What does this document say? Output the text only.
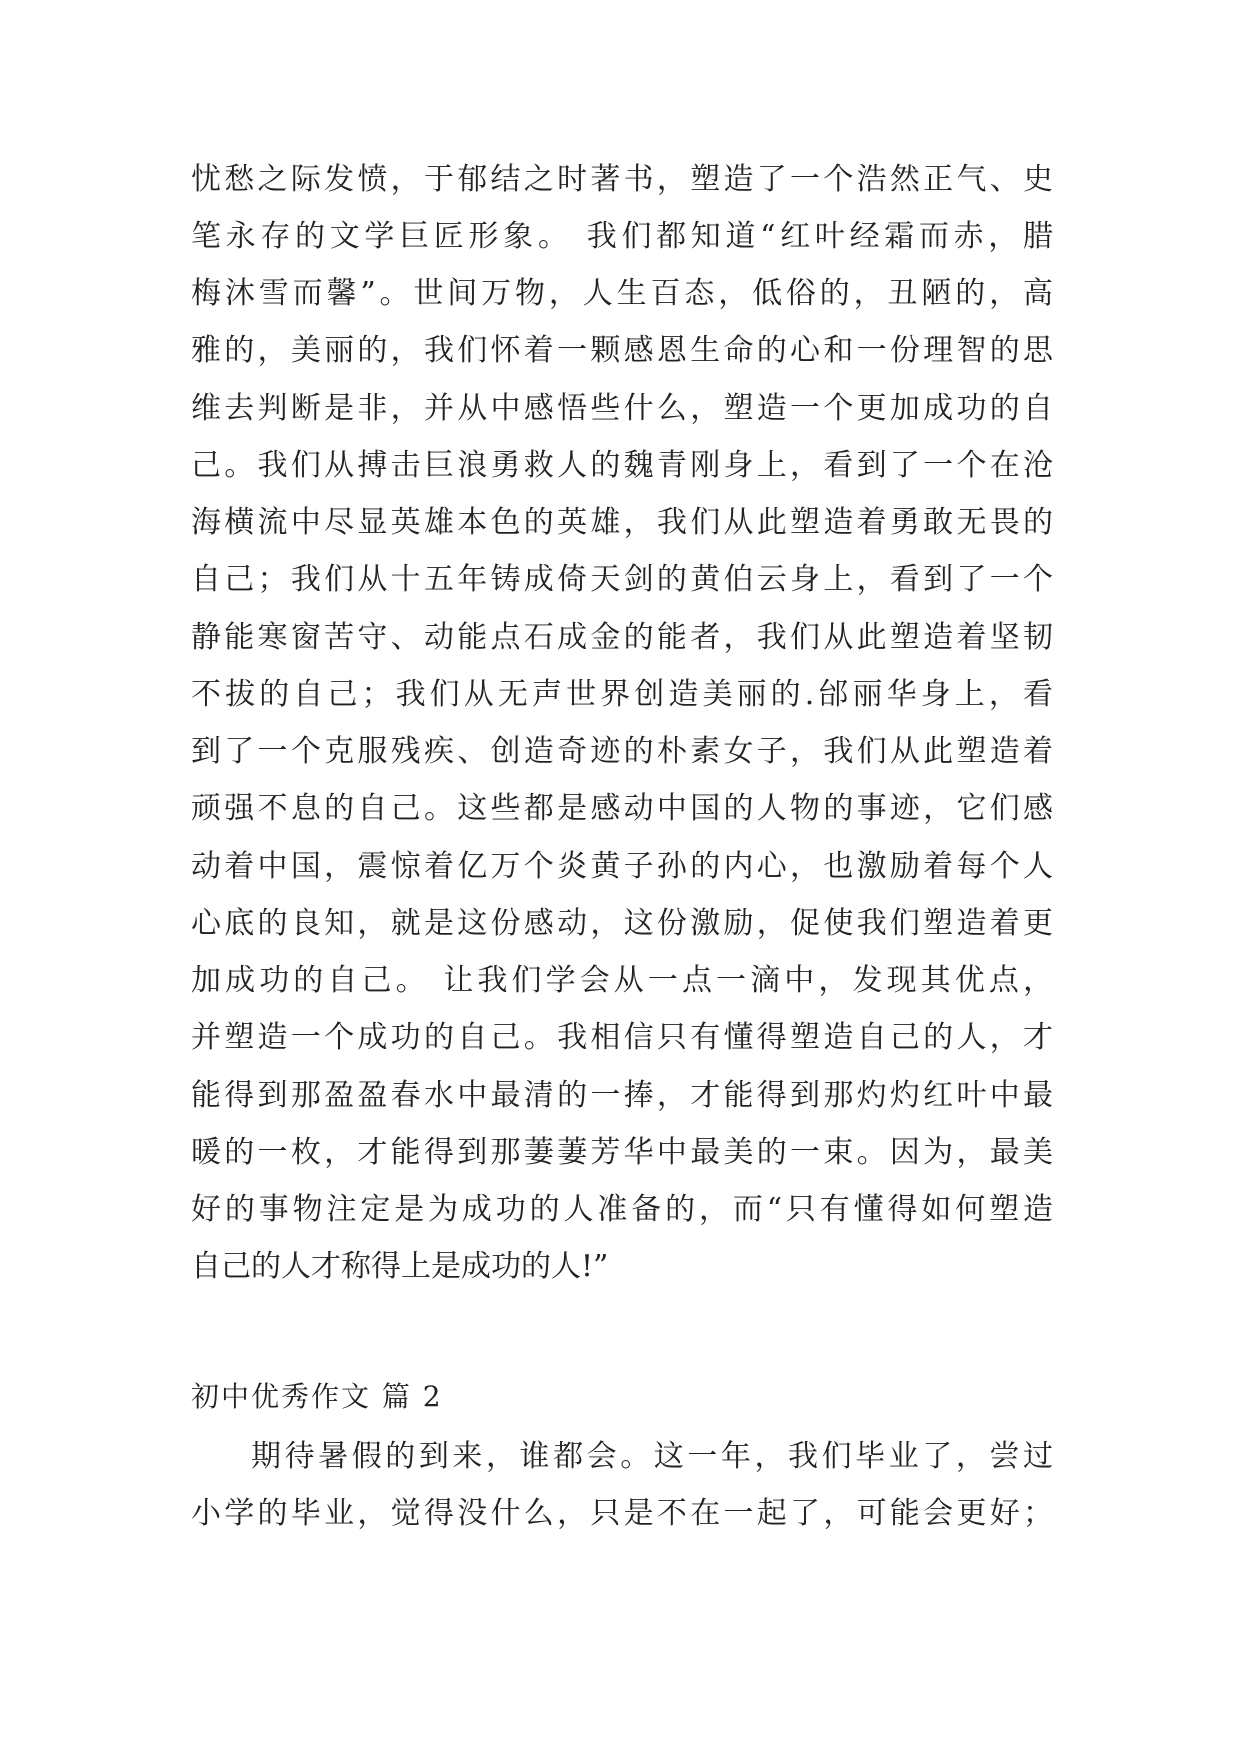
忧愁之际发愤，于郁结之时著书，塑造了一个浩然正气、史
笔永存的文学巨匠形象。 我们都知道“红叶经霜而赤，腊
梅沐雪而馨”。世间万物，人生百态，低俗的，丑陋的，高
雅的，美丽的，我们怀着一颗感恩生命的心和一份理智的思
维去判断是非，并从中感悟些什么，塑造一个更加成功的自
己。我们从搏击巨浪勇救人的魏青刚身上，看到了一个在沧
海横流中尽显英雄本色的英雄，我们从此塑造着勇敢无畏的
自己；我们从十五年铸成倚天剑的黄伯云身上，看到了一个
静能寒窗苦守、动能点石成金的能者，我们从此塑造着坚韧
不拔的自己；我们从无声世界创造美丽的.邰丽华身上，看
到了一个克服残疾、创造奇迹的朴素女子，我们从此塑造着
顽强不息的自己。这些都是感动中国的人物的事迹，它们感
动着中国，震惊着亿万个炎黄子孙的内心，也激励着每个人
心底的良知，就是这份感动，这份激励，促使我们塑造着更
加成功的自己。 让我们学会从一点一滴中，发现其优点，
并塑造一个成功的自己。我相信只有懂得塑造自己的人，才
能得到那盈盈春水中最清的一捧，才能得到那灼灼红叶中最
暖的一枚，才能得到那萋萋芳华中最美的一束。因为，最美
好的事物注定是为成功的人准备的，而“只有懂得如何塑造
自己的人才称得上是成功的人!”
初中优秀作文 篇 2
期待暑假的到来，谁都会。这一年，我们毕业了，尝过
小学的毕业，觉得没什么，只是不在一起了，可能会更好；
